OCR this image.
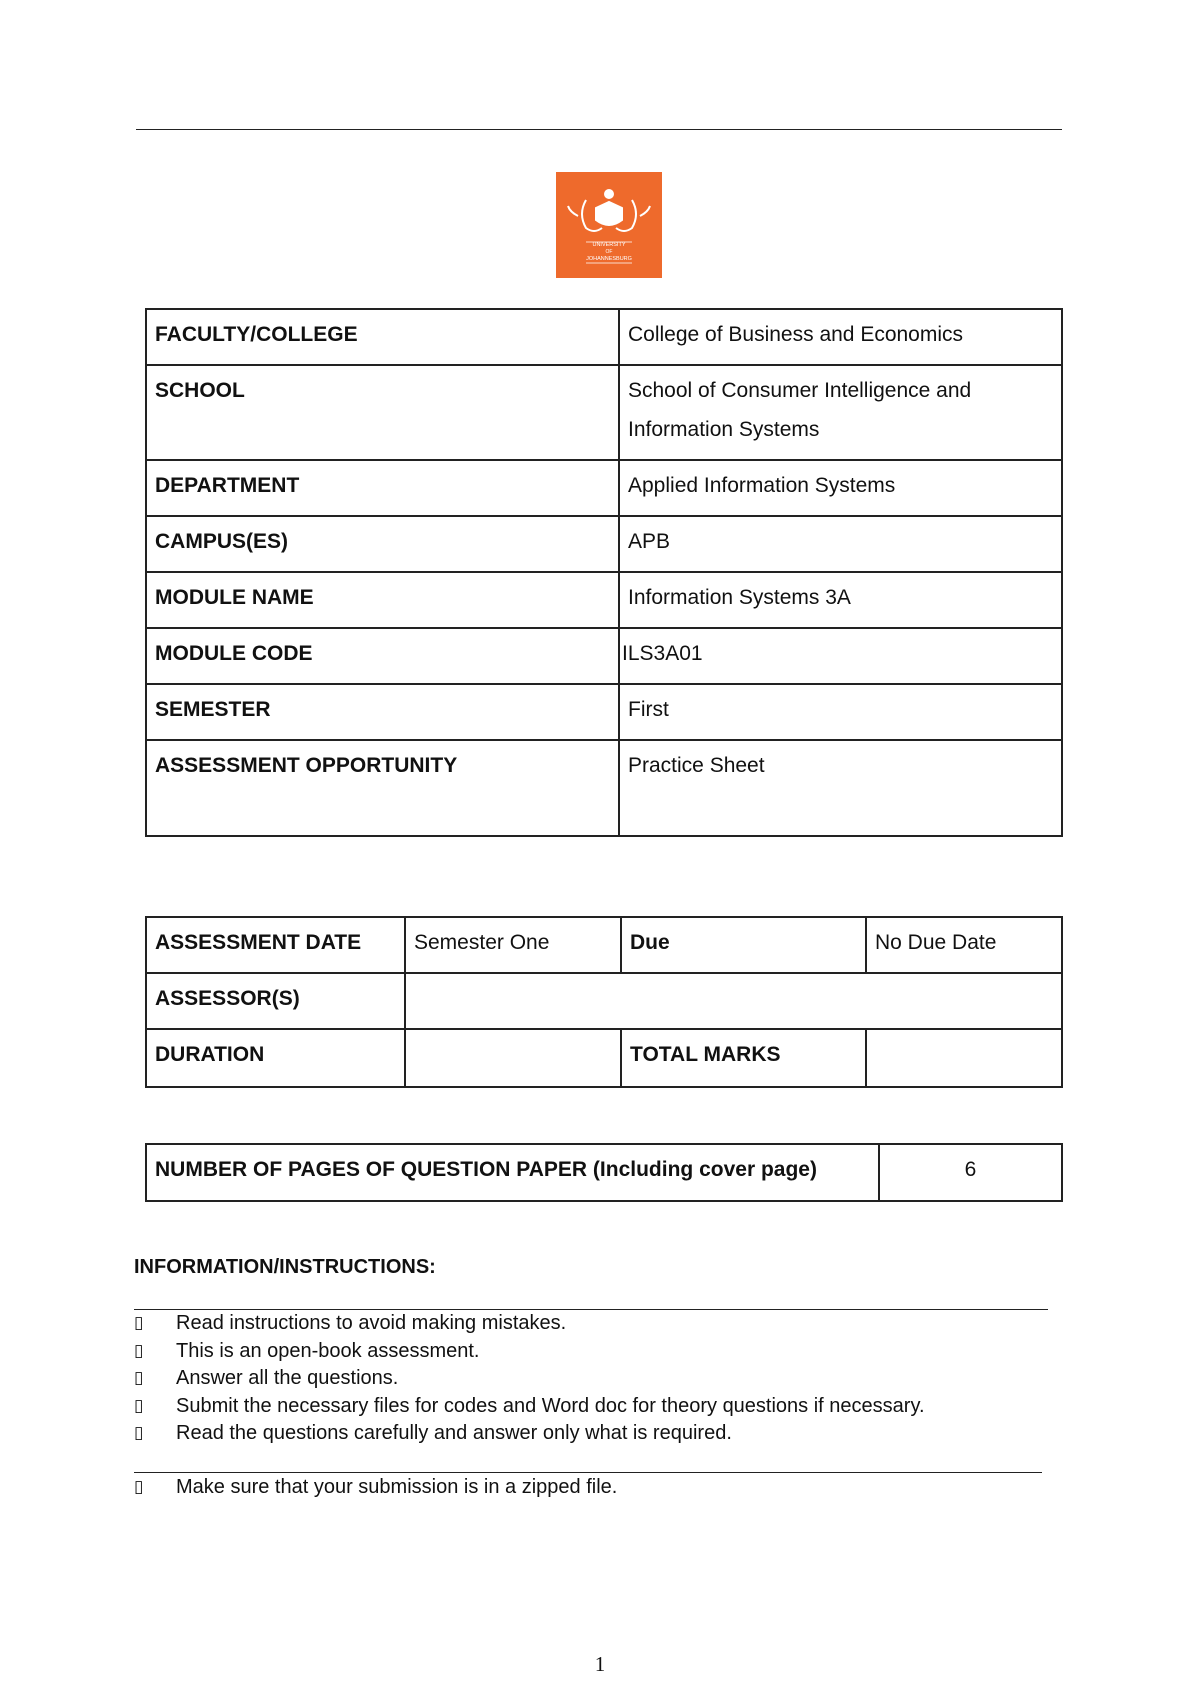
UNIVERSITY
OF
JOHANNESBURG
FACULTY/COLLEGE	College of Business and Economics
SCHOOL	School of Consumer Intelligence and Information Systems
DEPARTMENT	Applied Information Systems
CAMPUS(ES)	APB
MODULE NAME	Information Systems 3A
MODULE CODE	ILS3A01
SEMESTER	First
ASSESSMENT OPPORTUNITY	Practice Sheet
ASSESSMENT DATE	Semester One	Due	No Due Date
ASSESSOR(S)			
DURATION		TOTAL MARKS	
NUMBER OF PAGES OF QUESTION PAPER (Including cover page)	6
INFORMATION/INSTRUCTIONS:
▯	Read instructions to avoid making mistakes.
▯	This is an open-book assessment.
▯	Answer all the questions.
▯	Submit the necessary files for codes and Word doc for theory questions if necessary.
▯	Read the questions carefully and answer only what is required.
▯	Make sure that your submission is in a zipped file.
1
